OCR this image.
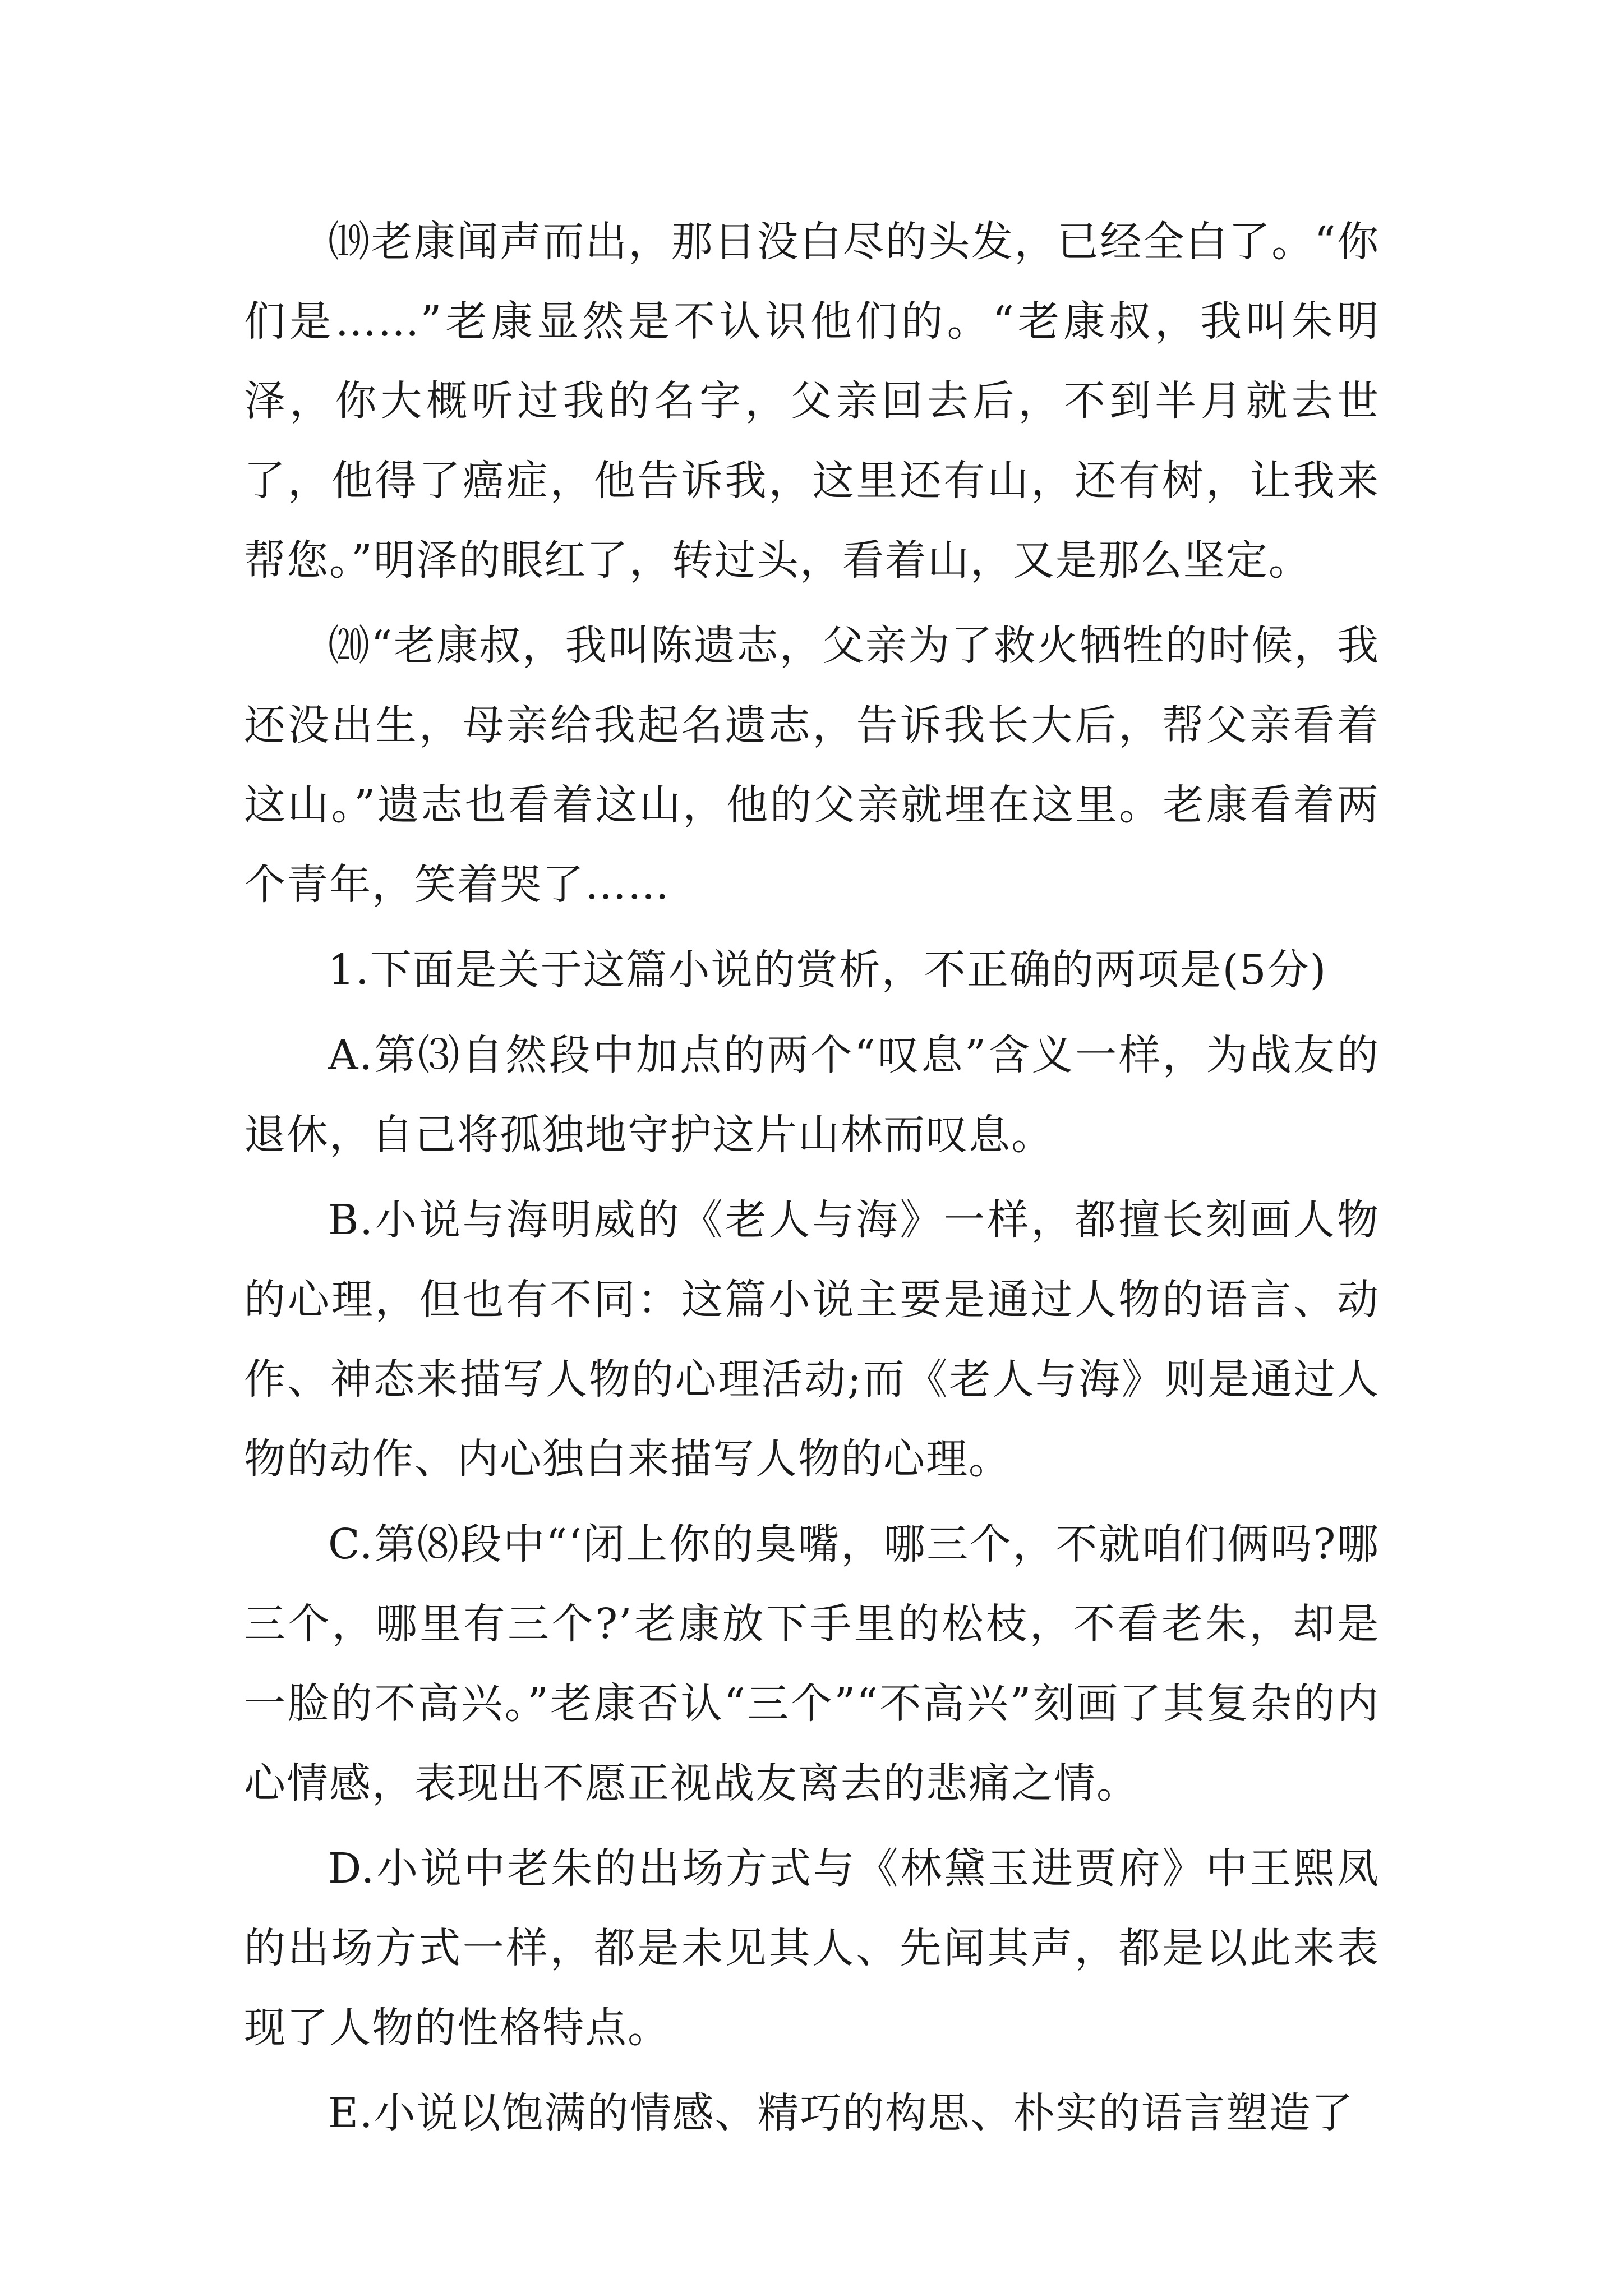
⒆老康闻声而出，那日没白尽的头发，已经全白了。“你们是……”老康显然是不认识他们的。“老康叔，我叫朱明泽，你大概听过我的名字，父亲回去后，不到半月就去世了，他得了癌症，他告诉我，这里还有山，还有树，让我来帮您。”明泽的眼红了，转过头，看着山，又是那么坚定。

⒇“老康叔，我叫陈遗志，父亲为了救火牺牲的时候，我还没出生，母亲给我起名遗志，告诉我长大后，帮父亲看着这山。”遗志也看着这山，他的父亲就埋在这里。老康看着两个青年，笑着哭了……

1.下面是关于这篇小说的赏析，不正确的两项是(5分)

A.第⑶自然段中加点的两个“叹息”含义一样，为战友的退休，自己将孤独地守护这片山林而叹息。

B.小说与海明威的《老人与海》一样，都擅长刻画人物的心理，但也有不同：这篇小说主要是通过人物的语言、动作、神态来描写人物的心理活动;而《老人与海》则是通过人物的动作、内心独白来描写人物的心理。

C.第⑻段中“‘闭上你的臭嘴，哪三个，不就咱们俩吗?哪三个，哪里有三个?’老康放下手里的松枝，不看老朱，却是一脸的不高兴。”老康否认“三个”“不高兴”刻画了其复杂的内心情感，表现出不愿正视战友离去的悲痛之情。

D.小说中老朱的出场方式与《林黛玉进贾府》中王熙凤的出场方式一样，都是未见其人、先闻其声，都是以此来表现了人物的性格特点。

E.小说以饱满的情感、精巧的构思、朴实的语言塑造了
